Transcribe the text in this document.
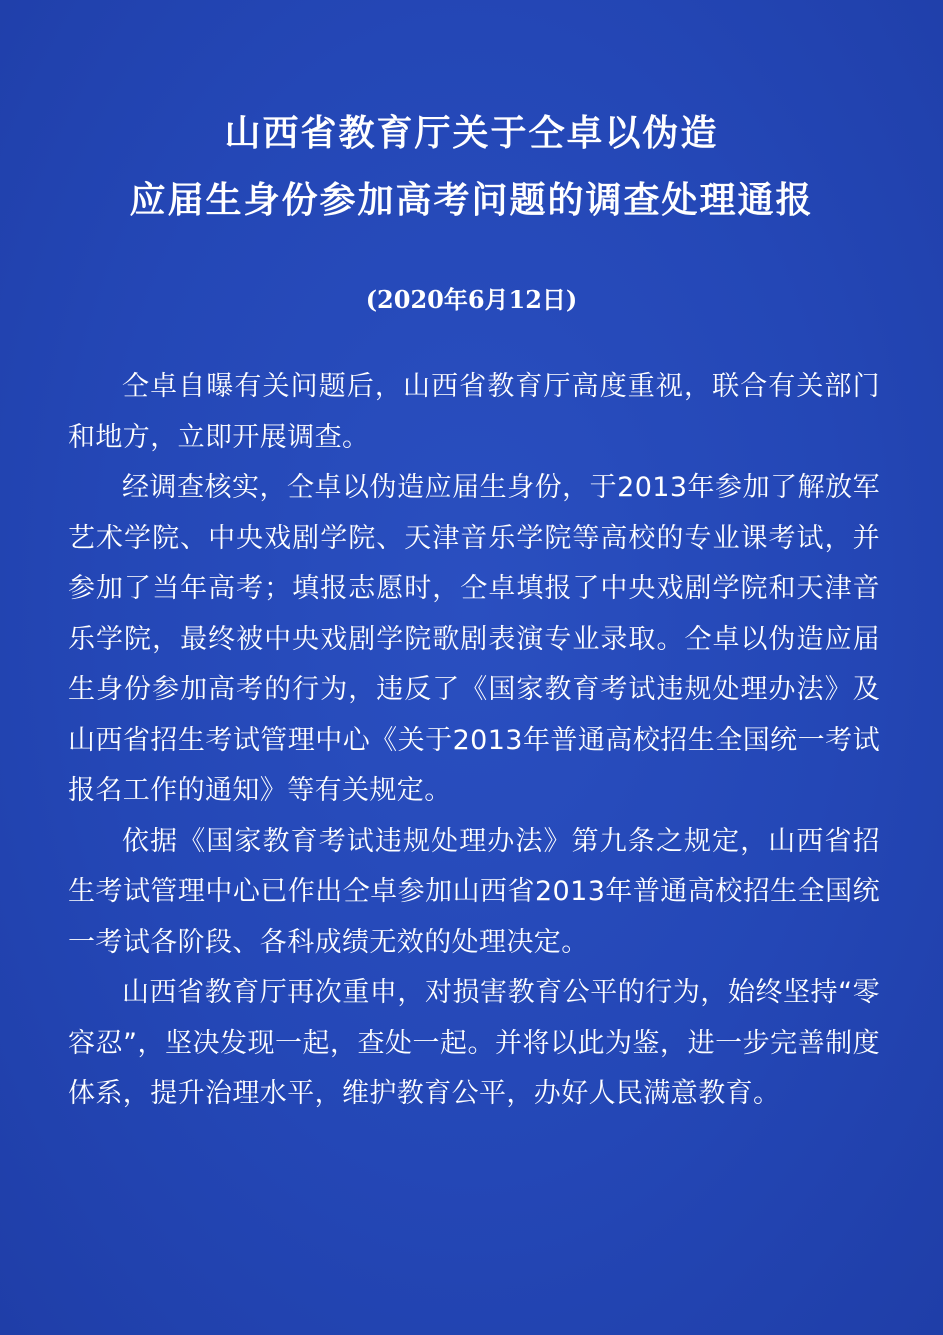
山西省教育厅关于仝卓以伪造
应届生身份参加高考问题的调查处理通报
(2020年6月12日)

仝卓自曝有关问题后，山西省教育厅高度重视，联合有关部门和地方，立即开展调查。

经调查核实，仝卓以伪造应届生身份，于2013年参加了解放军艺术学院、中央戏剧学院、天津音乐学院等高校的专业课考试，并参加了当年高考；填报志愿时，仝卓填报了中央戏剧学院和天津音乐学院，最终被中央戏剧学院歌剧表演专业录取。仝卓以伪造应届生身份参加高考的行为，违反了《国家教育考试违规处理办法》及山西省招生考试管理中心《关于2013年普通高校招生全国统一考试报名工作的通知》等有关规定。

依据《国家教育考试违规处理办法》第九条之规定，山西省招生考试管理中心已作出仝卓参加山西省2013年普通高校招生全国统一考试各阶段、各科成绩无效的处理决定。

山西省教育厅再次重申，对损害教育公平的行为，始终坚持“零容忍”，坚决发现一起，查处一起。并将以此为鉴，进一步完善制度体系，提升治理水平，维护教育公平，办好人民满意教育。
